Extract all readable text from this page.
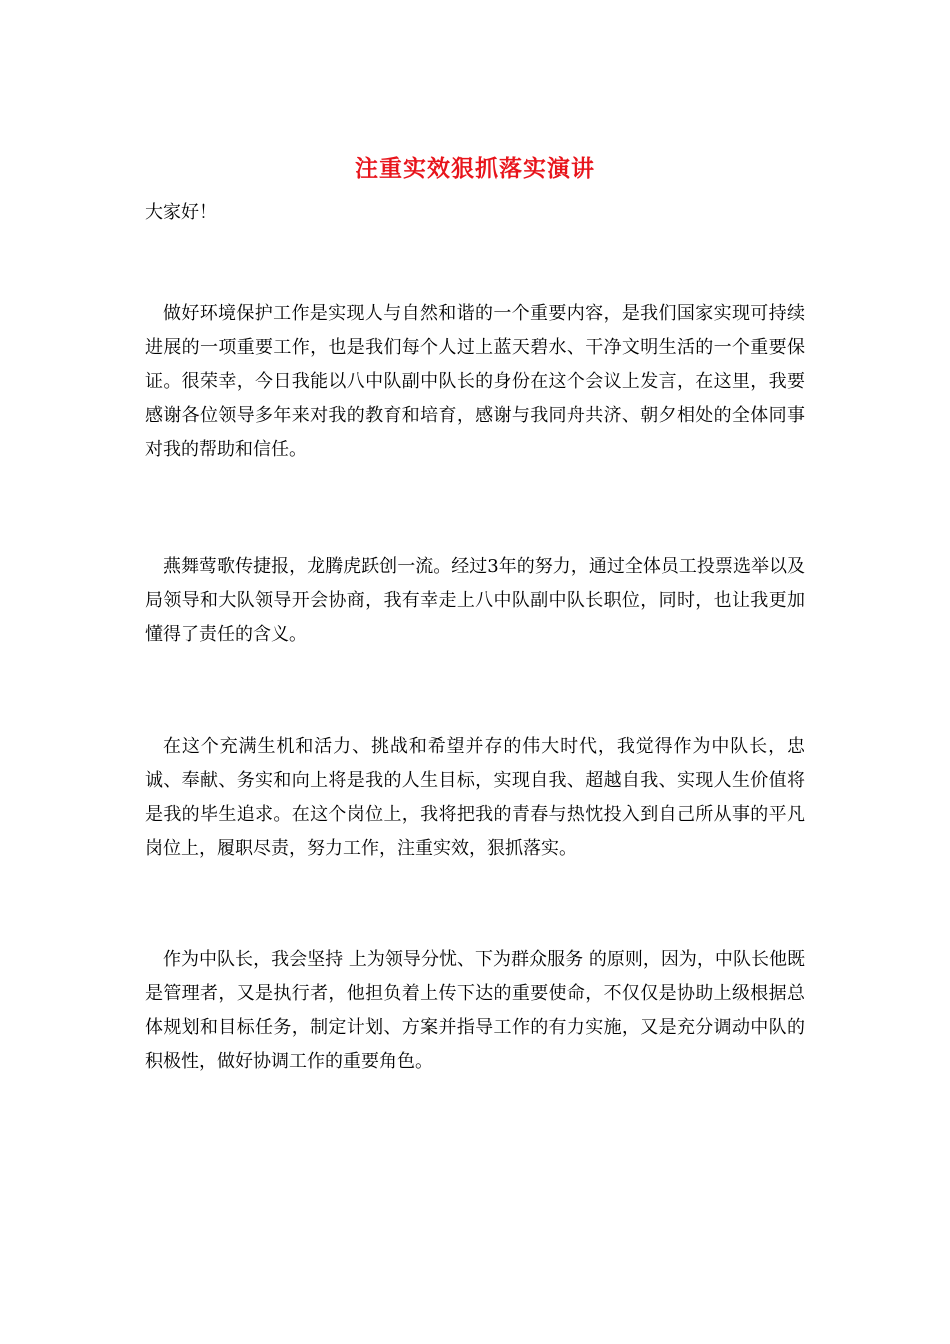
注重实效狠抓落实演讲
大家好！
做好环境保护工作是实现人与自然和谐的一个重要内容，是我们国家实现可持续进展的一项重要工作，也是我们每个人过上蓝天碧水、干净文明生活的一个重要保证。很荣幸，今日我能以八中队副中队长的身份在这个会议上发言，在这里，我要感谢各位领导多年来对我的教育和培育，感谢与我同舟共济、朝夕相处的全体同事对我的帮助和信任。
燕舞莺歌传捷报，龙腾虎跃创一流。经过3年的努力，通过全体员工投票选举以及局领导和大队领导开会协商，我有幸走上八中队副中队长职位，同时，也让我更加懂得了责任的含义。
在这个充满生机和活力、挑战和希望并存的伟大时代，我觉得作为中队长，忠诚、奉献、务实和向上将是我的人生目标，实现自我、超越自我、实现人生价值将是我的毕生追求。在这个岗位上，我将把我的青春与热忱投入到自己所从事的平凡岗位上，履职尽责，努力工作，注重实效，狠抓落实。
作为中队长，我会坚持 上为领导分忧、下为群众服务 的原则，因为，中队长他既是管理者，又是执行者，他担负着上传下达的重要使命，不仅仅是协助上级根据总体规划和目标任务，制定计划、方案并指导工作的有力实施，又是充分调动中队的积极性，做好协调工作的重要角色。
